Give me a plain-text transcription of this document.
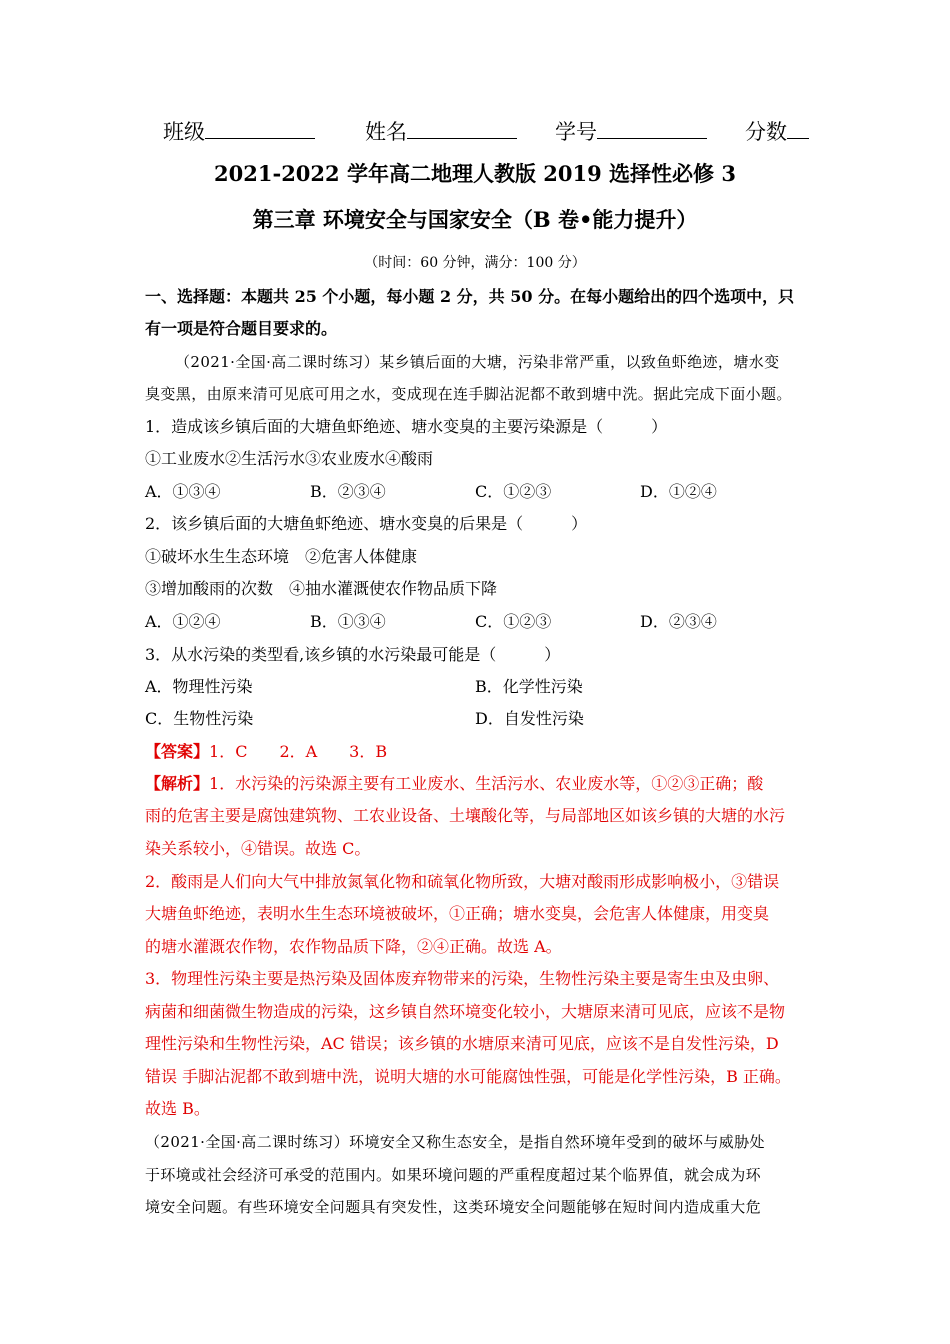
班级	姓名	学号	分数
2021-2022 学年高二地理人教版 2019 选择性必修 3
第三章 环境安全与国家安全（B 卷•能力提升）
（时间：60 分钟，满分：100 分）
一、选择题：本题共 25 个小题，每小题 2 分，共 50 分。在每小题给出的四个选项中，只
有一项是符合题目要求的。
（2021·全国·高二课时练习）某乡镇后面的大塘，污染非常严重，以致鱼虾绝迹，塘水变
臭变黑，由原来清可见底可用之水，变成现在连手脚沾泥都不敢到塘中洗。据此完成下面小题。
1．造成该乡镇后面的大塘鱼虾绝迹、塘水变臭的主要污染源是（　　　）
①工业废水②生活污水③农业废水④酸雨
A．①③④	B．②③④	C．①②③	D．①②④
2．该乡镇后面的大塘鱼虾绝迹、塘水变臭的后果是（　　　）
①破坏水生生态环境　②危害人体健康
③增加酸雨的次数　④抽水灌溉使农作物品质下降
A．①②④	B．①③④	C．①②③	D．②③④
3．从水污染的类型看,该乡镇的水污染最可能是（　　　）
A．物理性污染	B．化学性污染
C．生物性污染	D．自发性污染
【答案】1．C　　2．A　　3．B
【解析】1．水污染的污染源主要有工业废水、生活污水、农业废水等，①②③正确；酸
雨的危害主要是腐蚀建筑物、工农业设备、土壤酸化等，与局部地区如该乡镇的大塘的水污
染关系较小，④错误。故选 C。
2．酸雨是人们向大气中排放氮氧化物和硫氧化物所致，大塘对酸雨形成影响极小，③错误
大塘鱼虾绝迹，表明水生生态环境被破坏，①正确；塘水变臭，会危害人体健康，用变臭
的塘水灌溉农作物，农作物品质下降，②④正确。故选 A。
3．物理性污染主要是热污染及固体废弃物带来的污染，生物性污染主要是寄生虫及虫卵、
病菌和细菌微生物造成的污染，这乡镇自然环境变化较小，大塘原来清可见底，应该不是物
理性污染和生物性污染，AC 错误；该乡镇的水塘原来清可见底，应该不是自发性污染，D
错误 手脚沾泥都不敢到塘中洗，说明大塘的水可能腐蚀性强，可能是化学性污染，B 正确。
故选 B。
（2021·全国·高二课时练习）环境安全又称生态安全，是指自然环境年受到的破坏与威胁处
于环境或社会经济可承受的范围内。如果环境问题的严重程度超过某个临界值，就会成为环
境安全问题。有些环境安全问题具有突发性，这类环境安全问题能够在短时间内造成重大危
